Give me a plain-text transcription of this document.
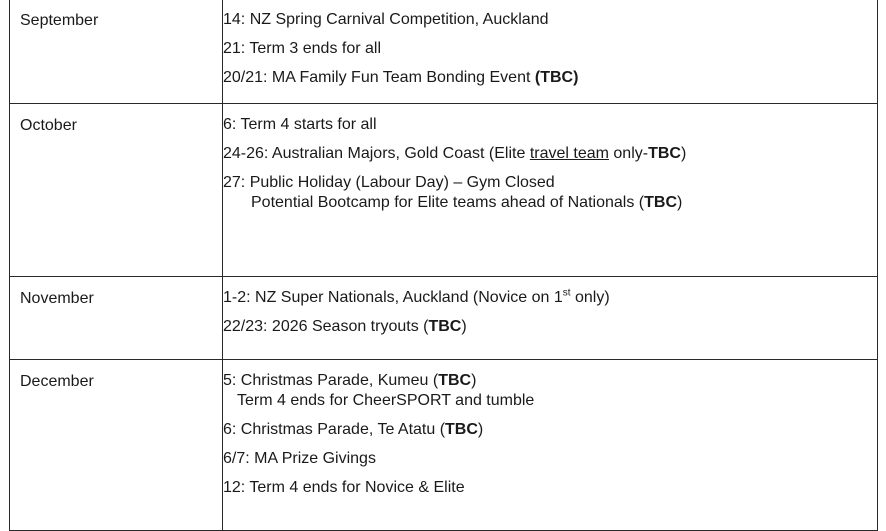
September	14: NZ Spring Carnival Competition, Auckland
21: Term 3 ends for all
20/21: MA Family Fun Team Bonding Event (TBC)

October	6: Term 4 starts for all
24-26: Australian Majors, Gold Coast (Elite travel team only-TBC)
27: Public Holiday (Labour Day) – Gym Closed
Potential Bootcamp for Elite teams ahead of Nationals (TBC)

November	1-2: NZ Super Nationals, Auckland (Novice on 1st only)
22/23: 2026 Season tryouts (TBC)

December	5: Christmas Parade, Kumeu (TBC)
Term 4 ends for CheerSPORT and tumble
6: Christmas Parade, Te Atatu (TBC)
6/7: MA Prize Givings
12: Term 4 ends for Novice & Elite
